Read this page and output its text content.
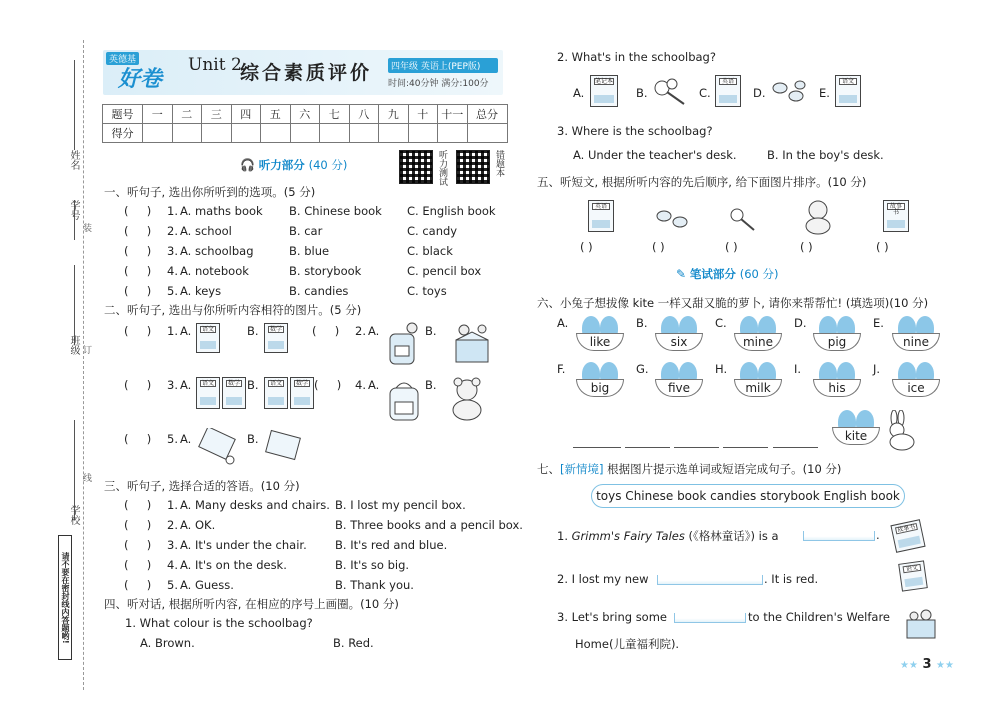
姓名
学号
班级
学校
装
订
线
请不要在密封线内答题哟!
英德基
好卷
Unit 2
综合素质评价	四年级 英语上(PEP版)
时间:40分钟 满分:100分
题号	一	二	三	四	五	六	七	八	九	十	十一	总分
得分												
🎧 听力部分 (40 分)	听力测试	错题本
一、听句子, 选出你所听到的选项。(5 分)
二、听句子, 选出与你所听内容相符的图片。(5 分)
(     ) 1. A.	语文	B.	数学	(     ) 2. A.	B.
(     ) 3. A.	语文	数学 B.	语文	数学 (     ) 4. A.	B.
(     ) 5. A.	B.
三、听句子, 选择合适的答语。(10 分)
四、听对话, 根据所听内容, 在相应的序号上画圈。(10 分)
1. What colour is the schoolbag?
A. Brown.	B. Red.
2. What's in the schoolbag?
A.
笔记本
B.	C.
英语
D.	E.
语文
3. Where is the schoolbag?
A. Under the teacher's desk.	B. In the boy's desk.
五、听短文, 根据所听内容的先后顺序, 给下面图片排序。(10 分)
英语	故事书
( )	( )	( )	( )	( )
✎ 笔试部分 (60 分)
六、小兔子想拔像 kite 一样又甜又脆的萝卜, 请你来帮帮忙! (填选项)(10 分)
kite
七、[新情境] 根据图片提示选单词或短语完成句子。(10 分)
toys Chinese book candies storybook English book
1. Grimm's Fairy Tales (《格林童话》) is a	.	故事书
2. I lost my new	. It is red.
语文
3. Let's bring some	to the Children's Welfare
Home(儿童福利院).
★★ 3 ★★
(     ) 1. A. maths book B. Chinese book C. English book
(     ) 2. A. school	B. car	C. candy
(     ) 3. A. schoolbag	B. blue	C. black
(     ) 4. A. notebook	B. storybook	C. pencil box
(     ) 5. A. keys	B. candies	C. toys
(     ) 1. A. Many desks and chairs. B. I lost my pencil box.
(     ) 2. A. OK.	B. Three books and a pencil box.
(     ) 3. A. It's under the chair. B. It's red and blue.
(     ) 4. A. It's on the desk.	B. It's so big.
(     ) 5. A. Guess.	B. Thank you.
A.
like
B.
six
C.
mine
D.
pig
E.
nine
F.
big
G.
five
H.
milk
I.
his
J.
ice
